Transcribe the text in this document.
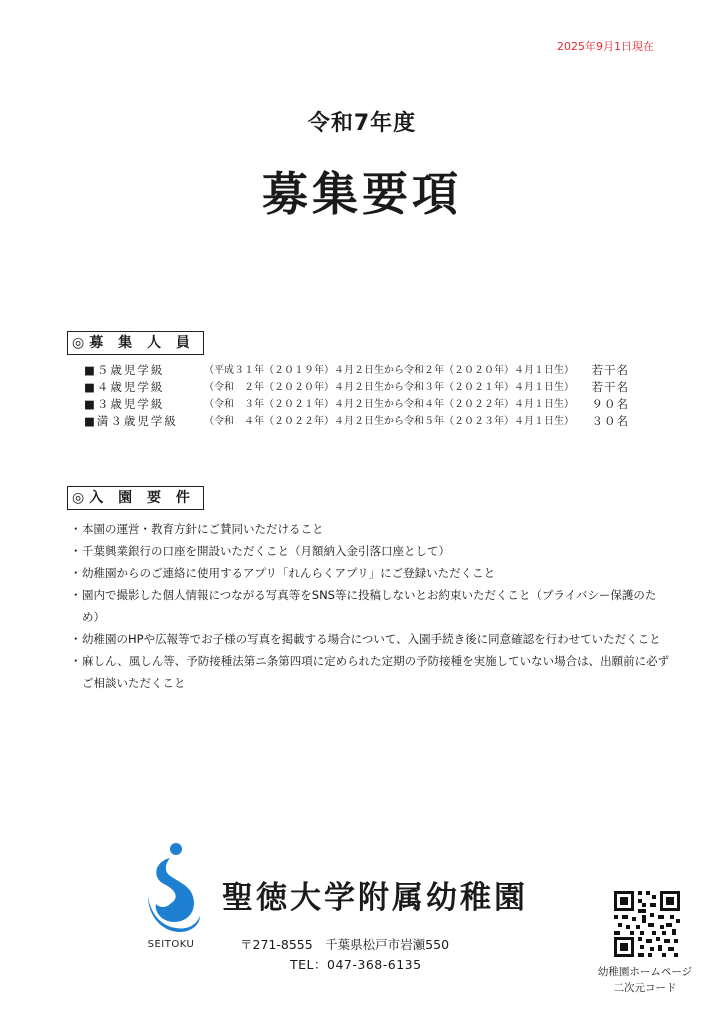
2025年9月1日現在
令和7年度
募集要項
◎募 集 人 員
■５歳児学級	（平成３１年（２０１９年）４月２日生から令和２年（２０２０年）４月１日生） 若干名
■４歳児学級	（令和　２年（２０２０年）４月２日生から令和３年（２０２１年）４月１日生） 若干名
■３歳児学級	（令和　３年（２０２１年）４月２日生から令和４年（２０２２年）４月１日生） ９０名
■満３歳児学級	（令和　４年（２０２２年）４月２日生から令和５年（２０２３年）４月１日生） ３０名
◎入 園 要 件
・ 本園の運営・教育方針にご賛同いただけること
・ 千葉興業銀行の口座を開設いただくこと（月額納入金引落口座として）
・ 幼稚園からのご連絡に使用するアプリ「れんらくアプリ」にご登録いただくこと
・ 園内で撮影した個人情報につながる写真等をSNS等に投稿しないとお約束いただくこと（プライバシー保護のため）
・ 幼稚園のHPや広報等でお子様の写真を掲載する場合について、入園手続き後に同意確認を行わせていただくこと
・ 麻しん、風しん等、予防接種法第ニ条第四項に定められた定期の予防接種を実施していない場合は、出願前に必ずご相談いただくこと
SEITOKU
聖徳大学附属幼稚園
〒271-8555　千葉県松戸市岩瀬550
TEL：047-368-6135	幼稚園ホームページ
二次元コード
